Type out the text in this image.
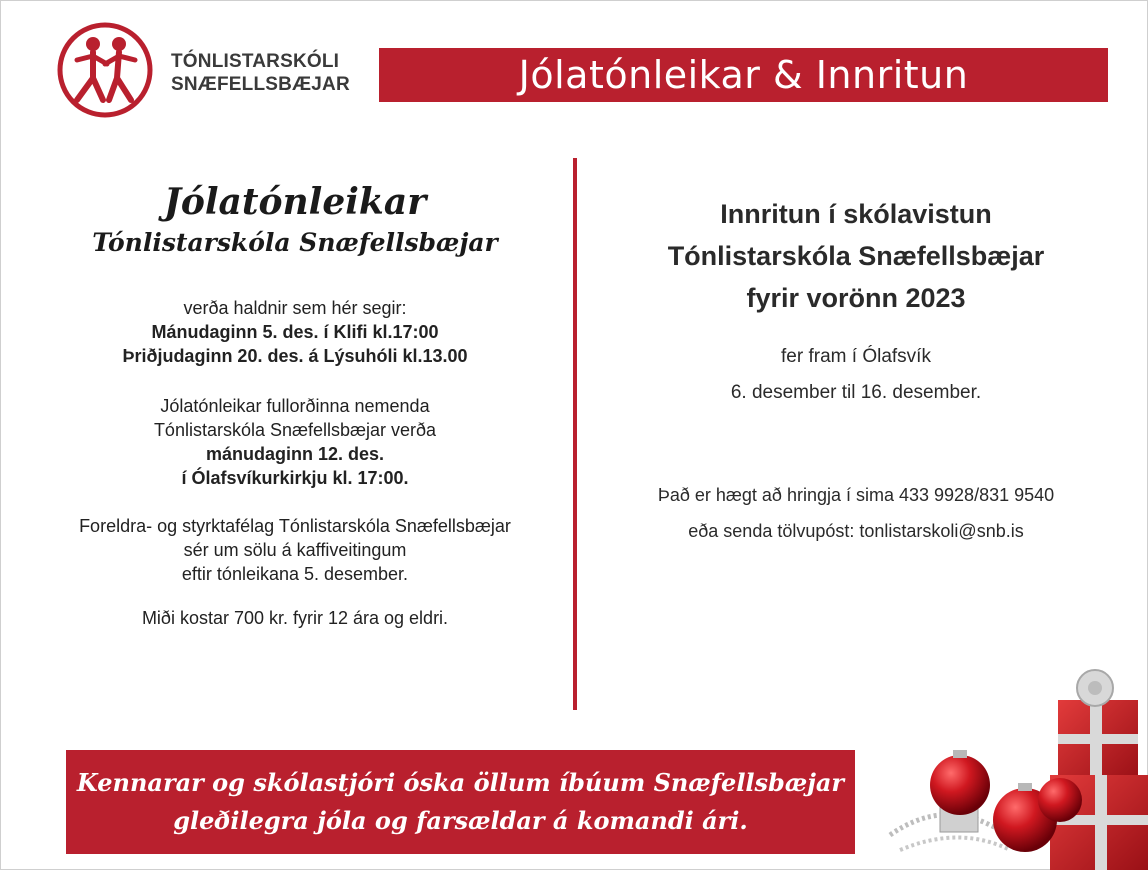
TÓNLISTARSKÓLI
SNÆFELLSBÆJAR	Jólatónleikar & Innritun
Jólatónleikar
Tónlistarskóla Snæfellsbæjar
verða haldnir sem hér segir:
Mánudaginn 5. des. í Klifi kl.17:00
Þriðjudaginn 20. des. á Lýsuhóli kl.13.00
Jólatónleikar fullorðinna nemenda
Tónlistarskóla Snæfellsbæjar verða
mánudaginn 12. des.
í Ólafsvíkurkirkju kl. 17:00.
Foreldra- og styrktafélag Tónlistarskóla Snæfellsbæjar
sér um sölu á kaffiveitingum
eftir tónleikana 5. desember.
Miði kostar 700 kr. fyrir 12 ára og eldri.
Innritun í skólavistun
Tónlistarskóla Snæfellsbæjar
fyrir vorönn 2023
fer fram í Ólafsvík
6. desember til 16. desember.
Það er hægt að hringja í sima 433 9928/831 9540
eða senda tölvupóst: tonlistarskoli@snb.is
Kennarar og skólastjóri óska öllum íbúum Snæfellsbæjar
gleðilegra jóla og farsældar á komandi ári.
